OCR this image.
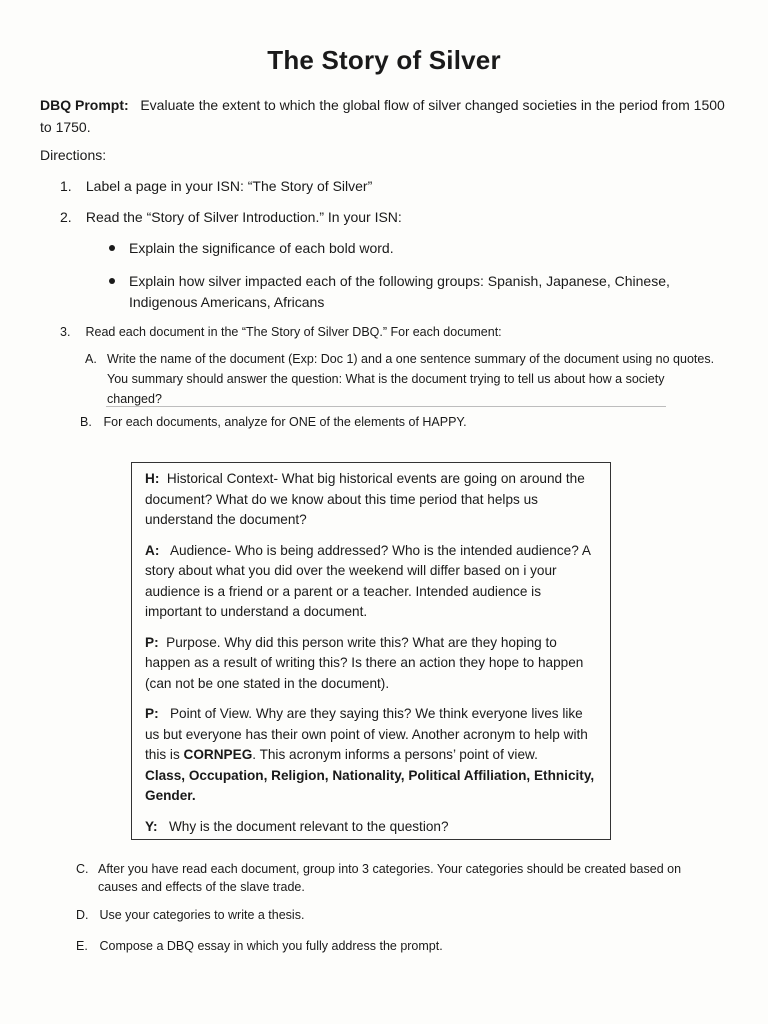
The Story of Silver
DBQ Prompt: Evaluate the extent to which the global flow of silver changed societies in the period from 1500 to 1750.
Directions:
1. Label a page in your ISN: “The Story of Silver”
2. Read the “Story of Silver Introduction.” In your ISN:
Explain the significance of each bold word.
Explain how silver impacted each of the following groups: Spanish, Japanese, Chinese, Indigenous Americans, Africans
3. Read each document in the “The Story of Silver DBQ.” For each document:
A. Write the name of the document (Exp: Doc 1) and a one sentence summary of the document using no quotes. You summary should answer the question: What is the document trying to tell us about how a society changed?
B. For each documents, analyze for ONE of the elements of HAPPY.
H: Historical Context- What big historical events are going on around the document? What do we know about this time period that helps us understand the document?
A: Audience- Who is being addressed? Who is the intended audience? A story about what you did over the weekend will differ based on i your audience is a friend or a parent or a teacher. Intended audience is important to understand a document.
P: Purpose. Why did this person write this? What are they hoping to happen as a result of writing this? Is there an action they hope to happen (can not be one stated in the document).
P: Point of View. Why are they saying this? We think everyone lives like us but everyone has their own point of view. Another acronym to help with this is CORNPEG. This acronym informs a persons’ point of view.
Class, Occupation, Religion, Nationality, Political Affiliation, Ethnicity, Gender.
Y: Why is the document relevant to the question?
C. After you have read each document, group into 3 categories. Your categories should be created based on causes and effects of the slave trade.
D. Use your categories to write a thesis.
E. Compose a DBQ essay in which you fully address the prompt.
